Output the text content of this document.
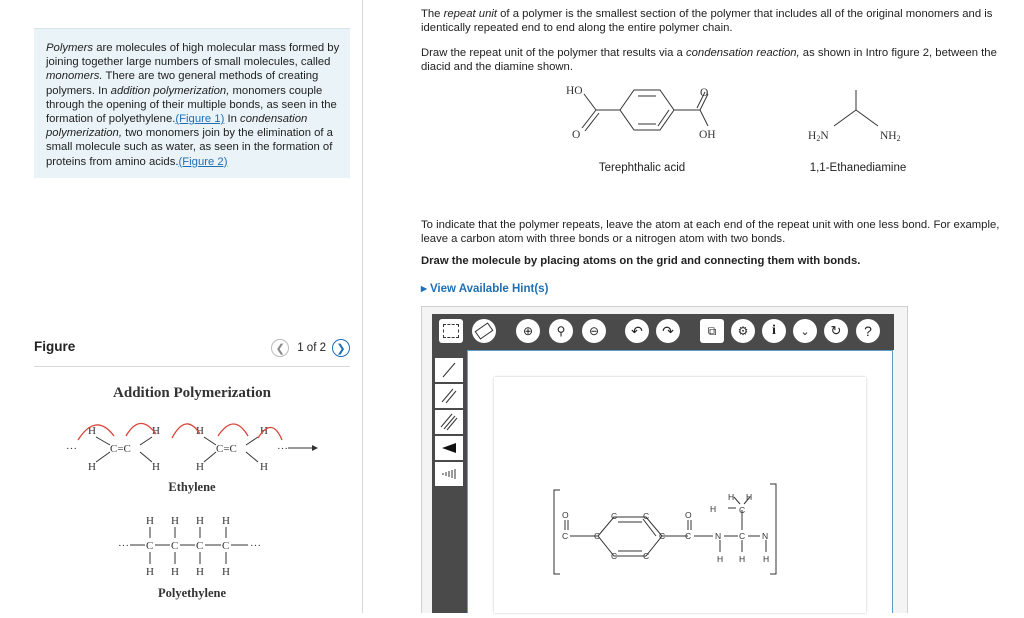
Polymers are molecules of high molecular mass formed by joining together large numbers of small molecules, called monomers. There are two general methods of creating polymers. In addition polymerization, monomers couple through the opening of their multiple bonds, as seen in the formation of polyethylene.(Figure 1) In condensation polymerization, two monomers join by the elimination of a small molecule such as water, as seen in the formation of proteins from amino acids.(Figure 2)
Figure	❮ 1 of 2 ❯
Addition Polymerization
···
H
H
C=C
H
H
H
H
C=C
H
H
···
Ethylene
H H H H
··· C C C C ···
H H H H
Polyethylene
The repeat unit of a polymer is the smallest section of the polymer that includes all of the original monomers and is identically repeated end to end along the entire polymer chain.
Draw the repeat unit of the polymer that results via a condensation reaction, as shown in Intro figure 2, between the diacid and the diamine shown.
HO
O
O
OH	H2N	NH2
Terephthalic acid	1,1-Ethanediamine
To indicate that the polymer repeats, leave the atom at each end of the repeat unit with one less bond. For example, leave a carbon atom with three bonds or a nitrogen atom with two bonds.
Draw the molecule by placing atoms on the grid and connecting them with bonds.
▸ View Available Hint(s)
⊕ ⚲ ⊖ ↶ ↷	⧉ ⚙ i ⌄ ↻ ?
O
C
C	C
C	C
C	C
O
C	N
H
H	C
H H
C
H
N
H
